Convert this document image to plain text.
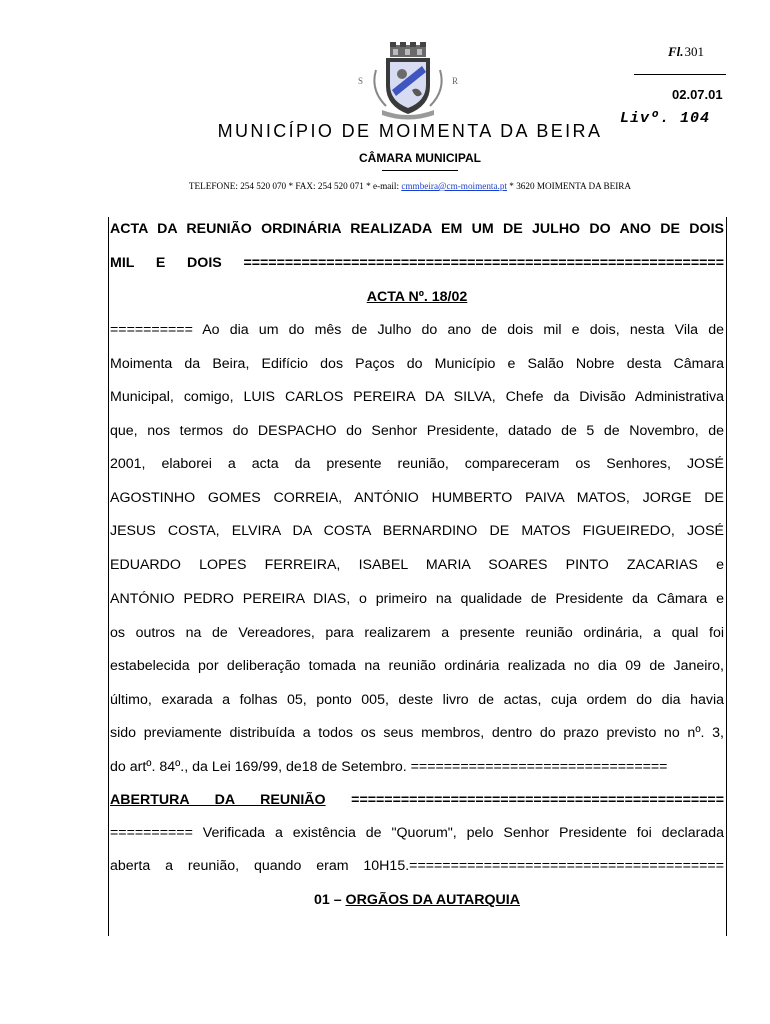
Fl.301
02.07.01
Livº. 104
S	R
MUNICÍPIO DE MOIMENTA DA BEIRA
CÂMARA MUNICIPAL
TELEFONE: 254 520 070 * FAX: 254 520 071 * e-mail: cmmbeira@cm-moimenta.pt * 3620 MOIMENTA DA BEIRA
ACTA DA REUNIÃO ORDINÁRIA REALIZADA EM UM DE JULHO DO ANO DE DOIS
MIL E DOIS ==========================================================
ACTA Nº. 18/02
========== Ao dia um do mês de Julho do ano de dois mil e dois, nesta Vila de
Moimenta da Beira, Edifício dos Paços do Município e Salão Nobre desta Câmara
Municipal, comigo, LUIS CARLOS PEREIRA DA SILVA, Chefe da Divisão Administrativa
que, nos termos do DESPACHO do Senhor Presidente, datado de 5 de Novembro, de
2001, elaborei a acta da presente reunião, compareceram os Senhores, JOSÉ
AGOSTINHO GOMES CORREIA, ANTÓNIO HUMBERTO PAIVA MATOS, JORGE DE
JESUS COSTA, ELVIRA DA COSTA BERNARDINO DE MATOS FIGUEIREDO, JOSÉ
EDUARDO LOPES FERREIRA, ISABEL MARIA SOARES PINTO ZACARIAS e
ANTÓNIO PEDRO PEREIRA DIAS, o primeiro na qualidade de Presidente da Câmara e
os outros na de Vereadores, para realizarem a presente reunião ordinária, a qual foi
estabelecida por deliberação tomada na reunião ordinária realizada no dia 09 de Janeiro,
último, exarada a folhas 05, ponto 005, deste livro de actas, cuja ordem do dia havia
sido previamente distribuída a todos os seus membros, dentro do prazo previsto no nº. 3,
do artº. 84º., da Lei 169/99, de18 de Setembro. ===============================
ABERTURA DA REUNIÃO =============================================
========== Verificada a existência de "Quorum", pelo Senhor Presidente foi declarada
aberta a reunião, quando eram 10H15.======================================
01 – ORGÃOS DA AUTARQUIA
